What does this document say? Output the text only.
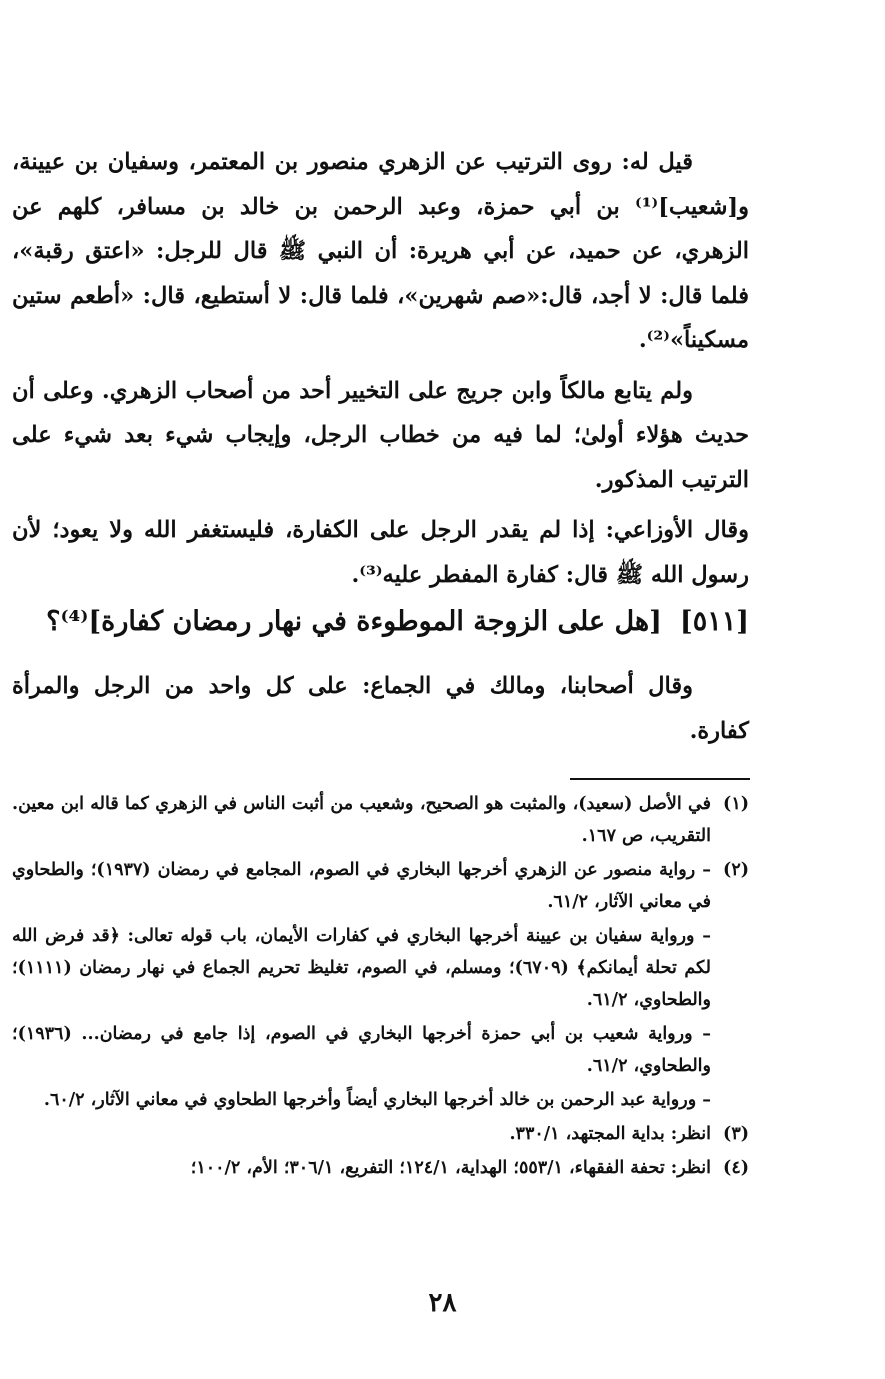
قيل له: روى الترتيب عن الزهري منصور بن المعتمر، وسفيان بن عيينة، و[شعيب]⁽¹⁾ بن أبي حمزة، وعبد الرحمن بن خالد بن مسافر، كلهم عن الزهري، عن حميد، عن أبي هريرة: أن النبي ﷺ قال للرجل: «اعتق رقبة»، فلما قال: لا أجد، قال:«صم شهرين»، فلما قال: لا أستطيع، قال: «أطعم ستين مسكيناً»⁽²⁾.

ولم يتابع مالكاً وابن جريج على التخيير أحد من أصحاب الزهري. وعلى أن حديث هؤلاء أولىٰ؛ لما فيه من خطاب الرجل، وإيجاب شيء بعد شيء على الترتيب المذكور.

وقال الأوزاعي: إذا لم يقدر الرجل على الكفارة، فليستغفر الله ولا يعود؛ لأن رسول الله ﷺ قال: كفارة المفطر عليه⁽³⁾.

[٥١١][هل على الزوجة الموطوءة في نهار رمضان كفارة]⁽⁴⁾؟

وقال أصحابنا، ومالك في الجماع: على كل واحد من الرجل والمرأة كفارة.

(١)
في الأصل (سعيد)، والمثبت هو الصحيح، وشعيب من أثبت الناس في الزهري كما قاله ابن معين. التقريب، ص ١٦٧.
(٢)
– رواية منصور عن الزهري أخرجها البخاري في الصوم، المجامع في رمضان (١٩٣٧)؛ والطحاوي في معاني الآثار، ٦١/٢.
– ورواية سفيان بن عيينة أخرجها البخاري في كفارات الأيمان، باب قوله تعالى: ﴿قد فرض الله لكم تحلة أيمانكم﴾ (٦٧٠٩)؛ ومسلم، في الصوم، تغليظ تحريم الجماع في نهار رمضان (١١١١)؛ والطحاوي، ٦١/٢.
– ورواية شعيب بن أبي حمزة أخرجها البخاري في الصوم، إذا جامع في رمضان... (١٩٣٦)؛ والطحاوي، ٦١/٢.
– ورواية عبد الرحمن بن خالد أخرجها البخاري أيضاً وأخرجها الطحاوي في معاني الآثار، ٦٠/٢.
(٣)
انظر: بداية المجتهد، ٣٣٠/١.
(٤)
انظر: تحفة الفقهاء، ٥٥٣/١؛ الهداية، ١٢٤/١؛ التفريع، ٣٠٦/١؛ الأم، ١٠٠/٢؛
٢٨
